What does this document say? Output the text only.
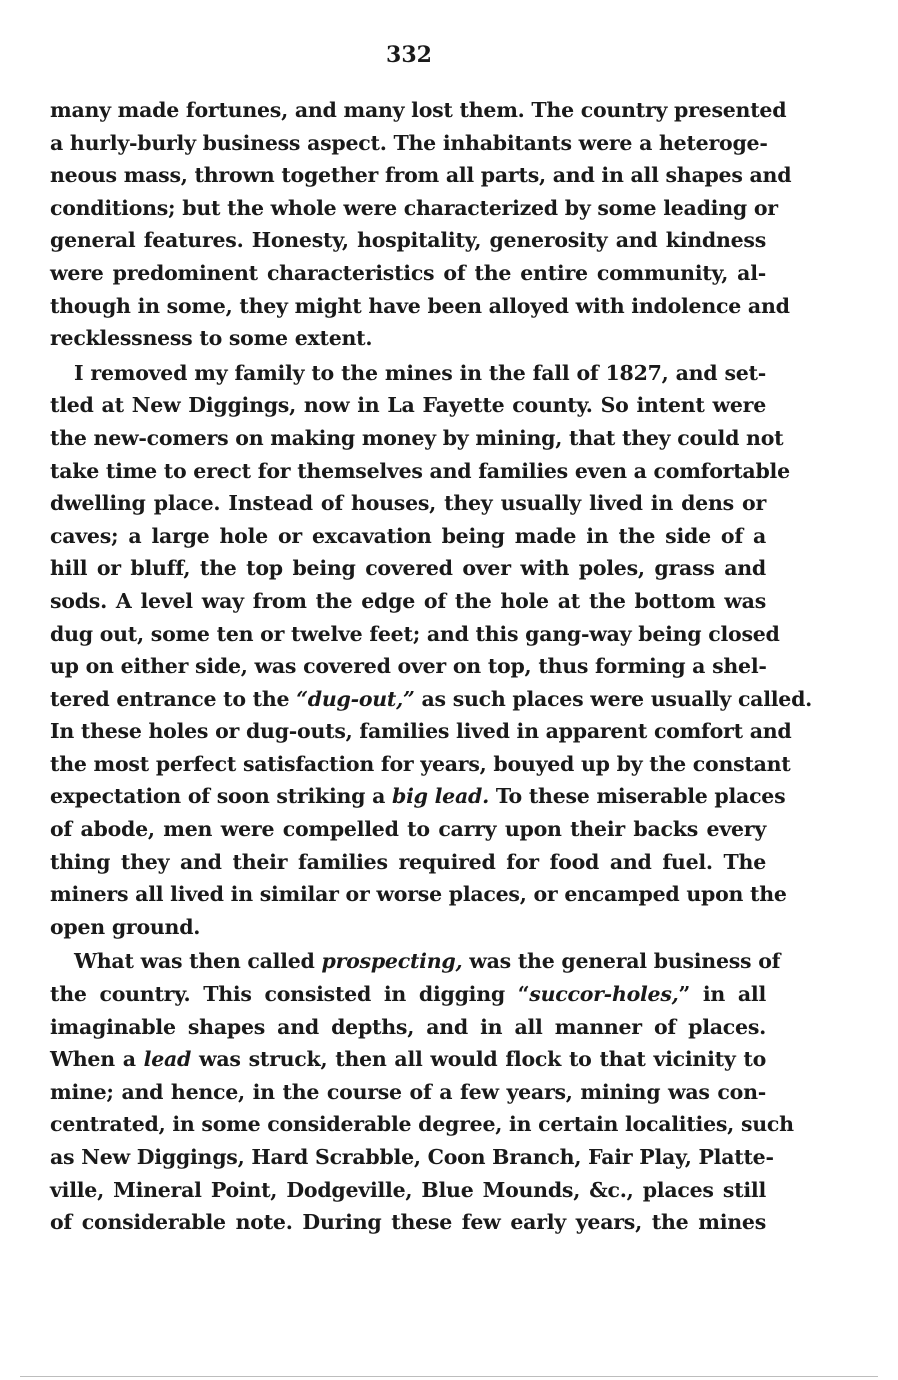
332
many made fortunes, and many lost them. The country presented
a hurly-burly business aspect. The inhabitants were a heteroge-
neous mass, thrown together from all parts, and in all shapes and
conditions; but the whole were characterized by some leading or
general features. Honesty, hospitality, generosity and kindness
were predominent characteristics of the entire community, al-
though in some, they might have been alloyed with indolence and
recklessness to some extent.
I removed my family to the mines in the fall of 1827, and set-
tled at New Diggings, now in La Fayette county. So intent were
the new-comers on making money by mining, that they could not
take time to erect for themselves and families even a comfortable
dwelling place. Instead of houses, they usually lived in dens or
caves; a large hole or excavation being made in the side of a
hill or bluff, the top being covered over with poles, grass and
sods. A level way from the edge of the hole at the bottom was
dug out, some ten or twelve feet; and this gang-way being closed
up on either side, was covered over on top, thus forming a shel-
tered entrance to the “dug-out,” as such places were usually called.
In these holes or dug-outs, families lived in apparent comfort and
the most perfect satisfaction for years, bouyed up by the constant
expectation of soon striking a big lead. To these miserable places
of abode, men were compelled to carry upon their backs every
thing they and their families required for food and fuel. The
miners all lived in similar or worse places, or encamped upon the
open ground.
What was then called prospecting, was the general business of
the country. This consisted in digging “succor-holes,” in all
imaginable shapes and depths, and in all manner of places.
When a lead was struck, then all would flock to that vicinity to
mine; and hence, in the course of a few years, mining was con-
centrated, in some considerable degree, in certain localities, such
as New Diggings, Hard Scrabble, Coon Branch, Fair Play, Platte-
ville, Mineral Point, Dodgeville, Blue Mounds, &c., places still
of considerable note. During these few early years, the mines
